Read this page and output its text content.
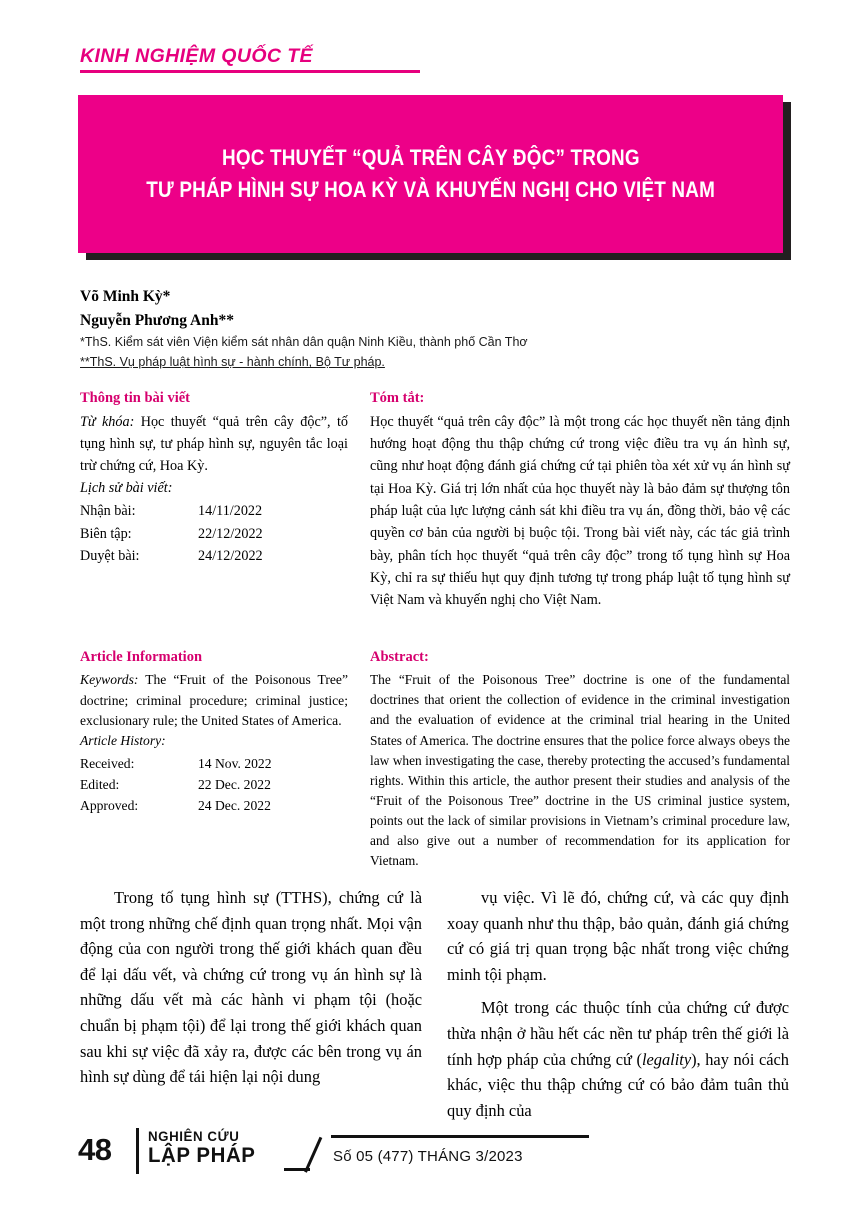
KINH NGHIỆM QUỐC TẾ
HỌC THUYẾT “QUẢ TRÊN CÂY ĐỘC” TRONG
TƯ PHÁP HÌNH SỰ HOA KỲ VÀ KHUYẾN NGHỊ CHO VIỆT NAM
Võ Minh Kỳ*
Nguyễn Phương Anh**
*ThS. Kiểm sát viên Viện kiểm sát nhân dân quận Ninh Kiều, thành phố Cần Thơ
**ThS. Vụ pháp luật hình sự - hành chính, Bộ Tư pháp.
Thông tin bài viết
Từ khóa: Học thuyết “quả trên cây độc”, tố tụng hình sự, tư pháp hình sự, nguyên tắc loại trừ chứng cứ, Hoa Kỳ.
Lịch sử bài viết:
Nhận bài:	14/11/2022
Biên tập:	22/12/2022
Duyệt bài:	24/12/2022
Tóm tắt:
Học thuyết “quả trên cây độc” là một trong các học thuyết nền tảng định hướng hoạt động thu thập chứng cứ trong việc điều tra vụ án hình sự, cũng như hoạt động đánh giá chứng cứ tại phiên tòa xét xử vụ án hình sự tại Hoa Kỳ. Giá trị lớn nhất của học thuyết này là bảo đảm sự thượng tôn pháp luật của lực lượng cảnh sát khi điều tra vụ án, đồng thời, bảo vệ các quyền cơ bản của người bị buộc tội. Trong bài viết này, các tác giả trình bày, phân tích học thuyết “quả trên cây độc” trong tố tụng hình sự Hoa Kỳ, chỉ ra sự thiếu hụt quy định tương tự trong pháp luật tố tụng hình sự Việt Nam và khuyến nghị cho Việt Nam.
Article Information
Keywords: The “Fruit of the Poisonous Tree” doctrine; criminal procedure; criminal justice; exclusionary rule; the United States of America.
Article History:
Received:	14 Nov. 2022
Edited:	22 Dec. 2022
Approved:	24 Dec. 2022
Abstract:
The “Fruit of the Poisonous Tree” doctrine is one of the fundamental doctrines that orient the collection of evidence in the criminal investigation and the evaluation of evidence at the criminal trial hearing in the United States of America. The doctrine ensures that the police force always obeys the law when investigating the case, thereby protecting the accused’s fundamental rights. Within this article, the author present their studies and analysis of the “Fruit of the Poisonous Tree” doctrine in the US criminal justice system, points out the lack of similar provisions in Vietnam’s criminal procedure law, and also give out a number of recommendation for its application for Vietnam.

Trong tố tụng hình sự (TTHS), chứng cứ là một trong những chế định quan trọng nhất. Mọi vận động của con người trong thế giới khách quan đều để lại dấu vết, và chứng cứ trong vụ án hình sự là những dấu vết mà các hành vi phạm tội (hoặc chuẩn bị phạm tội) để lại trong thế giới khách quan sau khi sự việc đã xảy ra, được các bên trong vụ án hình sự dùng để tái hiện lại nội dung

vụ việc. Vì lẽ đó, chứng cứ, và các quy định xoay quanh như thu thập, bảo quản, đánh giá chứng cứ có giá trị quan trọng bậc nhất trong việc chứng minh tội phạm.

Một trong các thuộc tính của chứng cứ được thừa nhận ở hầu hết các nền tư pháp trên thế giới là tính hợp pháp của chứng cứ (legality), hay nói cách khác, việc thu thập chứng cứ có bảo đảm tuân thủ quy định của

48	NGHIÊN CỨU
LẬP PHÁP	Số 05 (477) THÁNG 3/2023
